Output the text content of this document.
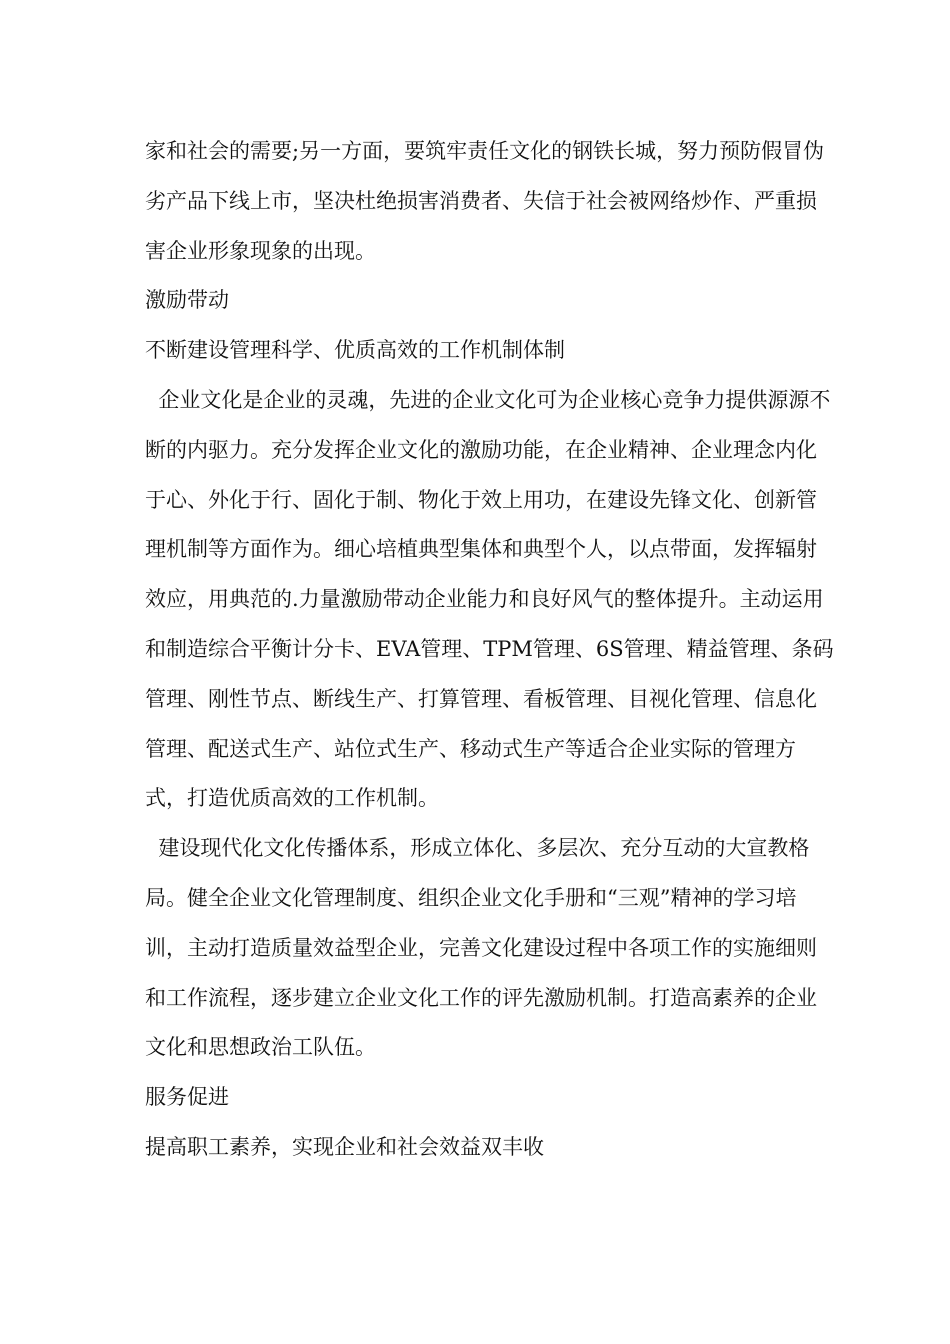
家和社会的需要;另一方面，要筑牢责任文化的钢铁长城，努力预防假冒伪劣产品下线上市，坚决杜绝损害消费者、失信于社会被网络炒作、严重损害企业形象现象的出现。

激励带动

不断建设管理科学、优质高效的工作机制体制

企业文化是企业的灵魂，先进的企业文化可为企业核心竞争力提供源源不断的内驱力。充分发挥企业文化的激励功能，在企业精神、企业理念内化于心、外化于行、固化于制、物化于效上用功，在建设先锋文化、创新管理机制等方面作为。细心培植典型集体和典型个人，以点带面，发挥辐射效应，用典范的.力量激励带动企业能力和良好风气的整体提升。主动运用和制造综合平衡计分卡、EVA管理、TPM管理、6S管理、精益管理、条码管理、刚性节点、断线生产、打算管理、看板管理、目视化管理、信息化管理、配送式生产、站位式生产、移动式生产等适合企业实际的管理方式，打造优质高效的工作机制。

建设现代化文化传播体系，形成立体化、多层次、充分互动的大宣教格局。健全企业文化管理制度、组织企业文化手册和“三观”精神的学习培训，主动打造质量效益型企业，完善文化建设过程中各项工作的实施细则和工作流程，逐步建立企业文化工作的评先激励机制。打造高素养的企业文化和思想政治工队伍。

服务促进

提高职工素养，实现企业和社会效益双丰收
